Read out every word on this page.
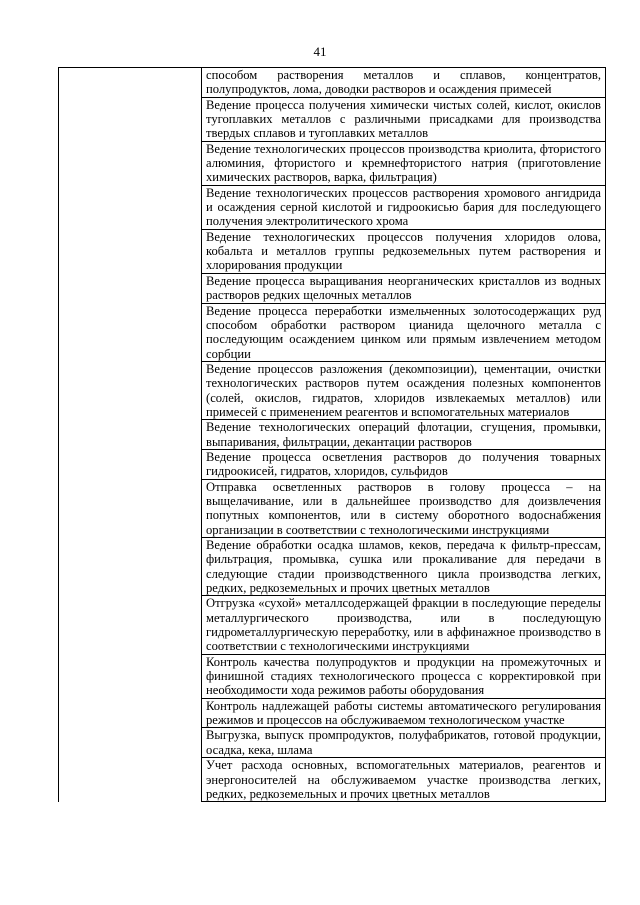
41
	способом растворения металлов и сплавов, концентратов, полупродуктов, лома, доводки растворов и осаждения примесей
	Ведение процесса получения химически чистых солей, кислот, окислов тугоплавких металлов с различными присадками для производства твердых сплавов и тугоплавких металлов
	Ведение технологических процессов производства криолита, фтористого алюминия, фтористого и кремнефтористого натрия (приготовление химических растворов, варка, фильтрация)
	Ведение технологических процессов растворения хромового ангидрида и осаждения серной кислотой и гидроокисью бария для последующего получения электролитического хрома
	Ведение технологических процессов получения хлоридов олова, кобальта и металлов группы редкоземельных путем растворения и хлорирования продукции
	Ведение процесса выращивания неорганических кристаллов из водных растворов редких щелочных металлов
	Ведение процесса переработки измельченных золотосодержащих руд способом обработки раствором цианида щелочного металла с последующим осаждением цинком или прямым извлечением методом сорбции
	Ведение процессов разложения (декомпозиции), цементации, очистки технологических растворов путем осаждения полезных компонентов (солей, окислов, гидратов, хлоридов извлекаемых металлов) или примесей с применением реагентов и вспомогательных материалов
	Ведение технологических операций флотации, сгущения, промывки, выпаривания, фильтрации, декантации растворов
	Ведение процесса осветления растворов до получения товарных гидроокисей, гидратов, хлоридов, сульфидов
	Отправка осветленных растворов в голову процесса – на выщелачивание, или в дальнейшее производство для доизвлечения попутных компонентов, или в систему оборотного водоснабжения организации в соответствии с технологическими инструкциями
	Ведение обработки осадка шламов, кеков, передача к фильтр-прессам, фильтрация, промывка, сушка или прокаливание для передачи в следующие стадии производственного цикла производства легких, редких, редкоземельных и прочих цветных металлов
	Отгрузка «сухой» металлсодержащей фракции в последующие переделы металлургического производства, или в последующую гидрометаллургическую переработку, или в аффинажное производство в соответствии с технологическими инструкциями
	Контроль качества полупродуктов и продукции на промежуточных и финишной стадиях технологического процесса с корректировкой при необходимости хода режимов работы оборудования
	Контроль надлежащей работы системы автоматического регулирования режимов и процессов на обслуживаемом технологическом участке
	Выгрузка, выпуск промпродуктов, полуфабрикатов, готовой продукции, осадка, кека, шлама
	Учет расхода основных, вспомогательных материалов, реагентов и энергоносителей на обслуживаемом участке производства легких, редких, редкоземельных и прочих цветных металлов
